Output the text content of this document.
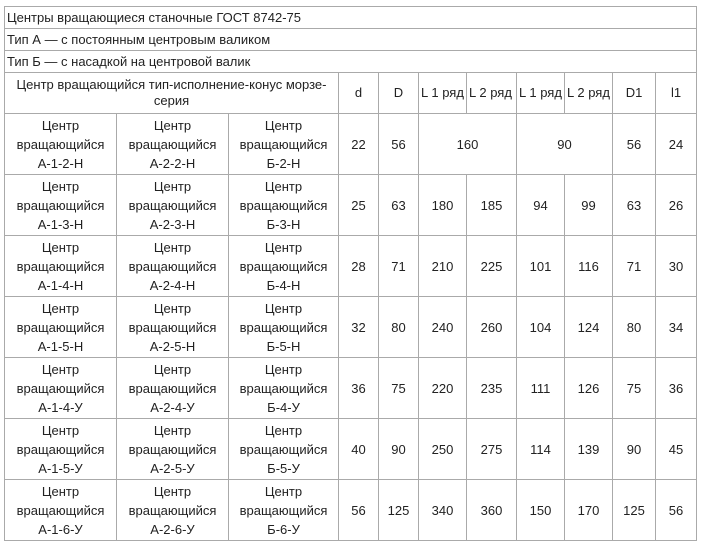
Центры вращающиеся станочные ГОСТ 8742-75										
Тип А — с постоянным центровым валиком										
Тип Б — с насадкой на центровой валик										
Центр вращающийся тип-исполнение-конус морзе-серия			d	D	L 1 ряд	L 2 ряд	L 1 ряд	L 2 ряд	D1	l1

Центр
вращающийся
А-1-2-Н	Центр
вращающийся
А-2-2-Н	Центр
вращающийся
Б-2-Н	22	56	160		90		56	24

Центр
вращающийся
А-1-3-Н	Центр
вращающийся
А-2-3-Н	Центр
вращающийся
Б-3-Н	25	63	180	185	94	99	63	26

Центр
вращающийся
А-1-4-Н	Центр
вращающийся
А-2-4-Н	Центр
вращающийся
Б-4-Н	28	71	210	225	101	116	71	30

Центр
вращающийся
А-1-5-Н	Центр
вращающийся
А-2-5-Н	Центр
вращающийся
Б-5-Н	32	80	240	260	104	124	80	34

Центр
вращающийся
А-1-4-У	Центр
вращающийся
А-2-4-У	Центр
вращающийся
Б-4-У	36	75	220	235	111	126	75	36

Центр
вращающийся
А-1-5-У	Центр
вращающийся
А-2-5-У	Центр
вращающийся
Б-5-У	40	90	250	275	114	139	90	45

Центр
вращающийся
А-1-6-У	Центр
вращающийся
А-2-6-У	Центр
вращающийся
Б-6-У	56	125	340	360	150	170	125	56
